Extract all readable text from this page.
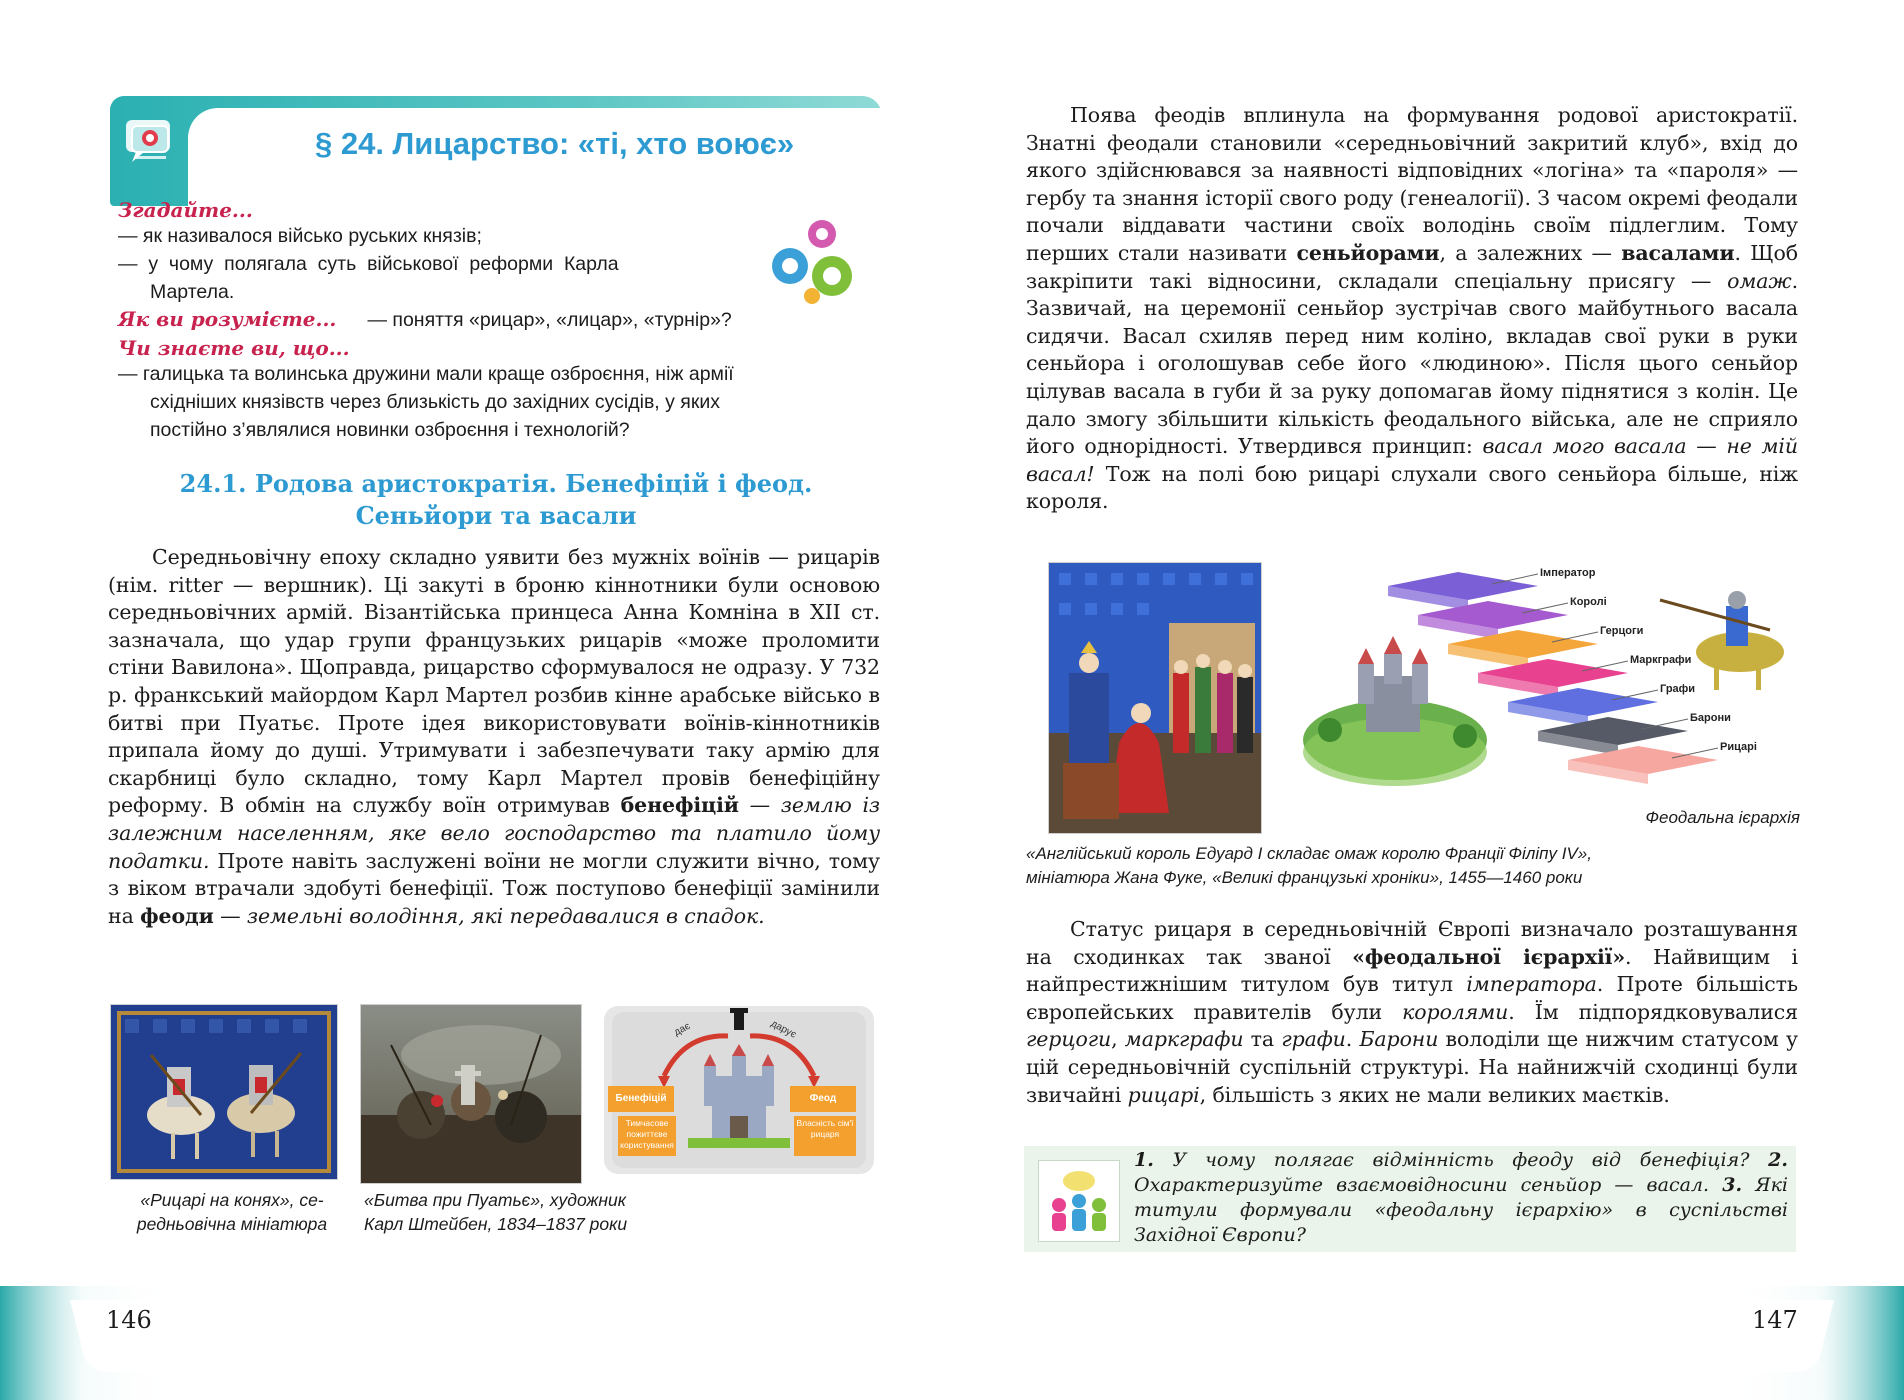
§ 24. Лицарство: «ті, хто воює»
Згадайте...
— як називалося військо руських князів;
—  у  чому  полягала  суть  військової  реформи  Карла
Мартела.
Як ви розумієте... — поняття «рицар», «лицар», «турнір»?
Чи знаєте ви, що...
— галицька та волинська дружини мали краще озброєння, ніж армії
східніших князівств через близькість до західних сусідів, у яких
постійно з’являлися новинки озброєння і технологій?
24.1. Родова аристократія. Бенефіцій і феод.
Сеньйори та васали

Середньовічну епоху складно уявити без мужніх воїнів — рицарів (нім. ritter — вершник). Ці закуті в броню кіннотники були основою середньовічних армій. Візантійська принцеса Анна Комніна в XII ст. зазначала, що удар групи французьких рицарів «може проломити стіни Вавилона». Щоправда, рицарство сформувалося не одразу. У 732 р. франкський майордом Карл Мартел розбив кінне арабське військо в битві при Пуатьє. Проте ідея використовувати воїнів-кіннотників припала йому до душі. Утримувати і забезпечувати таку армію для скарбниці було складно, тому Карл Мартел провів бенефіційну реформу. В обмін на службу воїн отримував бенефіцій — землю із залежним населенням, яке вело господарство та платило йому податки. Проте навіть заслужені воїни не могли служити вічно, тому з віком втрачали здобуті бенефіції. Тож поступово бенефіції замінили на феоди — земельні володіння, які передавалися в спадок.

дає	дарує
Бенефіцій	Феод
Тимчасове пожиттєве користування
Власність сім'ї рицаря
«Рицарі на конях», се-
редньовічна мініатюра
«Битва при Пуатьє», художник
Карл Штейбен, 1834–1837 роки

Поява феодів вплинула на формування родової аристократії. Знатні феодали становили «середньовічний закритий клуб», вхід до якого здійснювався за наявності відповідних «логіна» та «пароля» — гербу та знання історії свого роду (генеалогії). З часом окремі феодали почали віддавати частини своїх володінь своїм підлеглим. Тому перших стали називати сеньйорами, а залежних — васалами. Щоб закріпити такі відносини, складали спеціальну присягу — омаж. Зазвичай, на церемонії сеньйор зустрічав свого майбутнього васала сидячи. Васал схиляв перед ним коліно, вкладав свої руки в руки сеньйора і оголошував себе його «людиною». Після цього сеньйор цілував васала в губи й за руку допомагав йому піднятися з колін. Це дало змогу збільшити кількість феодального війська, але не сприяло його однорідності. Утвердився принцип: васал мого васала — не мій васал! Тож на полі бою рицарі слухали свого сеньйора більше, ніж короля.

Імператор
Королі
Герцоги
Маркграфи
Графи
Барони
Рицарі
Феодальна ієрархія
«Англійський король Едуард I складає омаж королю Франції Філіпу IV»,
мініатюра Жана Фуке, «Великі французькі хроніки», 1455—1460 роки

Статус рицаря в середньовічній Європі визначало розташування на сходинках так званої «феодальної ієрархії». Найвищим і найпрестижнішим титулом був титул імператора. Проте більшість європейських правителів були королями. Їм підпорядковувалися герцоги, маркграфи та графи. Барони володіли ще нижчим статусом у цій середньовічній суспільній структурі. На найнижчій сходинці були звичайні рицарі, більшість з яких не мали великих маєтків.

1. У чому полягає відмінність феоду від бенефіція? 2. Охарактеризуйте взаємовідносини сеньйор — васал. 3. Які титули формували «феодальну ієрархію» в суспільстві Західної Європи?
146	147
